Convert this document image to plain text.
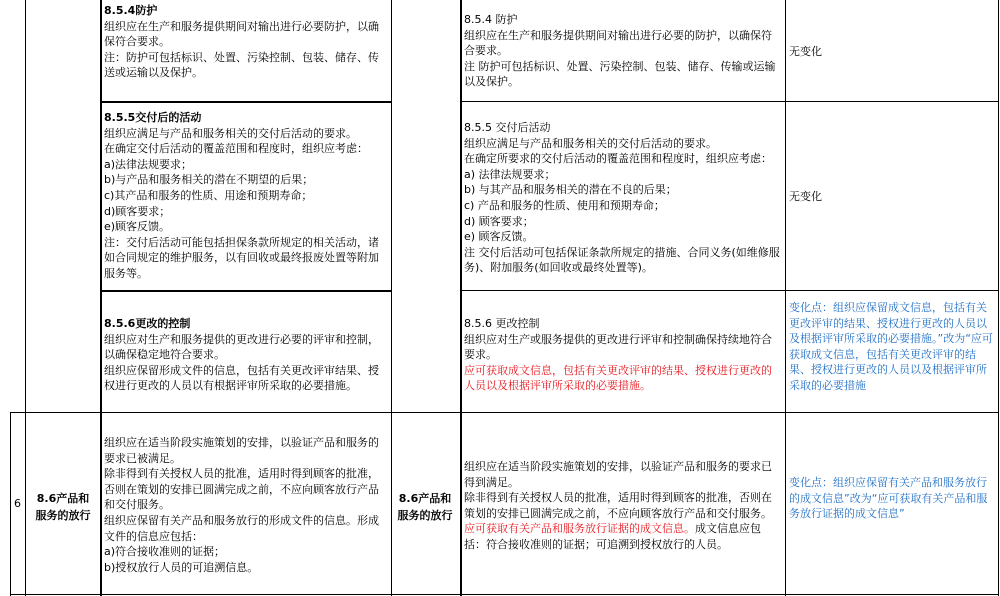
6	8.6产品和服务的放行
8.6产品和服务的放行

8.5.4防护

组织应在生产和服务提供期间对输出进行必要防护，以确保符合要求。

注：防护可包括标识、处置、污染控制、包装、储存、传送或运输以及保护。

8.5.5交付后的活动

组织应满足与产品和服务相关的交付后活动的要求。

在确定交付后活动的覆盖范围和程度时，组织应考虑：

a)法律法规要求；

b)与产品和服务相关的潜在不期望的后果；

c)其产品和服务的性质、用途和预期寿命；

d)顾客要求；

e)顾客反馈。

注：交付后活动可能包括担保条款所规定的相关活动，诸如合同规定的维护服务，以有回收或最终报废处置等附加服务等。

8.5.6更改的控制

组织应对生产和服务提供的更改进行必要的评审和控制，以确保稳定地符合要求。

组织应保留形成文件的信息，包括有关更改评审结果、授权进行更改的人员以有根据评审所采取的必要措施。

组织应在适当阶段实施策划的安排，以验证产品和服务的要求已被满足。

除非得到有关授权人员的批准，适用时得到顾客的批准，否则在策划的安排已圆满完成之前，不应向顾客放行产品和交付服务。

组织应保留有关产品和服务放行的形成文件的信息。形成文件的信息应包括：

a)符合接收准则的证据；

b)授权放行人员的可追溯信息。

8.5.4 防护

组织应在生产和服务提供期间对输出进行必要的防护，以确保符合要求。

注 防护可包括标识、处置、污染控制、包装、储存、传输或运输以及保护。

8.5.5 交付后活动

组织应满足与产品和服务相关的交付后活动的要求。

在确定所要求的交付后活动的覆盖范围和程度时，组织应考虑：

a) 法律法规要求；

b) 与其产品和服务相关的潜在不良的后果；

c) 产品和服务的性质、使用和预期寿命；

d) 顾客要求；

e) 顾客反馈。

注 交付后活动可包括保证条款所规定的措施、合同义务(如维修服务)、附加服务(如回收或最终处置等)。

8.5.6 更改控制

组织应对生产或服务提供的更改进行评审和控制确保持续地符合要求。

应可获取成文信息，包括有关更改评审的结果、授权进行更改的人员以及根据评审所采取的必要措施。

组织应在适当阶段实施策划的安排，以验证产品和服务的要求已得到满足。

除非得到有关授权人员的批准，适用时得到顾客的批准，否则在策划的安排已圆满完成之前，不应向顾客放行产品和交付服务。

应可获取有关产品和服务放行证据的成文信息。成文信息应包括：符合接收准则的证据；可追溯到授权放行的人员。

无变化
无变化
变化点：组织应保留成文信息，包括有关更改评审的结果、授权进行更改的人员以及根据评审所采取的必要措施。”改为“应可获取成文信息，包括有关更改评审的结果、授权进行更改的人员以及根据评审所采取的必要措施
变化点：组织应保留有关产品和服务放行的成文信息”改为“应可获取有关产品和服务放行证据的成文信息”
